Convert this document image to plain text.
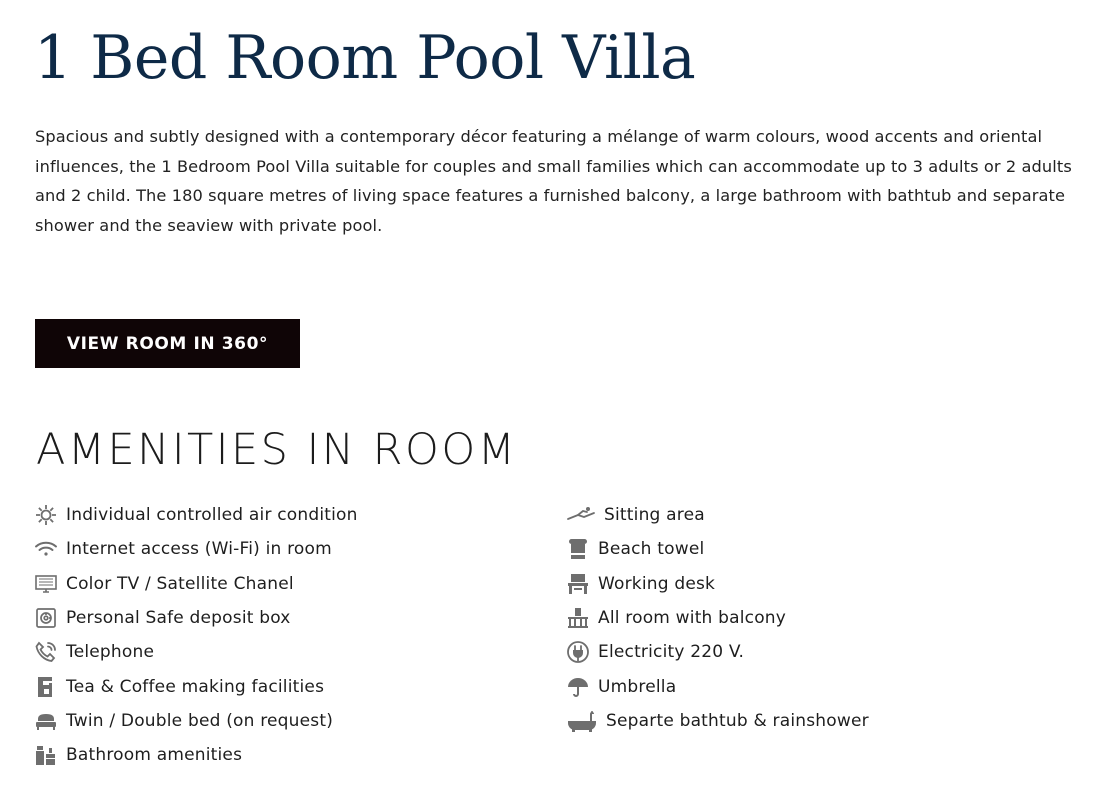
1 Bed Room Pool Villa

Spacious and subtly designed with a contemporary décor featuring a mélange of warm colours, wood accents and oriental influences, the 1 Bedroom Pool Villa suitable for couples and small families which can accommodate up to 3 adults or 2 adults and 2 child. The 180 square metres of living space features a furnished balcony, a large bathroom with bathtub and separate shower and the seaview with private pool.

VIEW ROOM IN 360°
AMENITIES IN ROOM
Individual controlled air condition
Internet access (Wi-Fi) in room
Color TV / Satellite Chanel
Personal Safe deposit box
Telephone
Tea & Coffee making facilities
Twin / Double bed (on request)
Bathroom amenities
Sitting area
Beach towel
Working desk
All room with balcony
Electricity 220 V.
Umbrella
Separte bathtub & rainshower
